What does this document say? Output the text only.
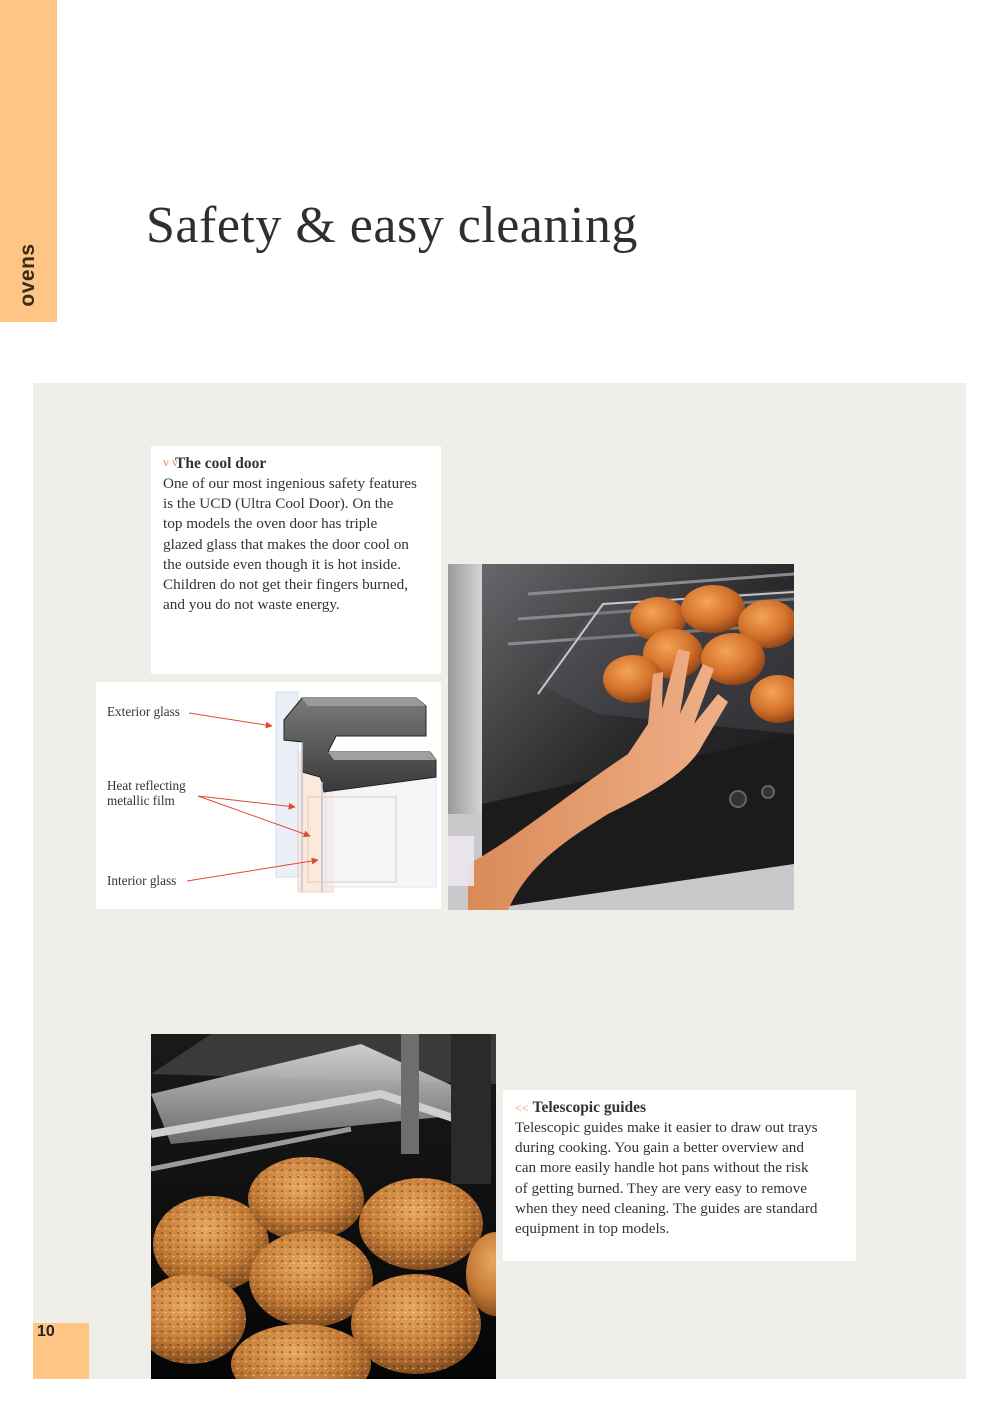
ovens
Safety & easy cleaning
v vThe cool door

One of our most ingenious safety features
is the UCD (Ultra Cool Door). On the
top models the oven door has triple
glazed glass that makes the door cool on
the outside even though it is hot inside.
Children do not get their fingers burned,
and you do not waste energy.

Exterior glass
Heat reflecting
metallic film
Interior glass
<< Telescopic guides

Telescopic guides make it easier to draw out trays
during cooking. You gain a better overview and
can more easily handle hot pans without the risk
of getting burned. They are very easy to remove
when they need cleaning. The guides are standard
equipment in top models.

10
